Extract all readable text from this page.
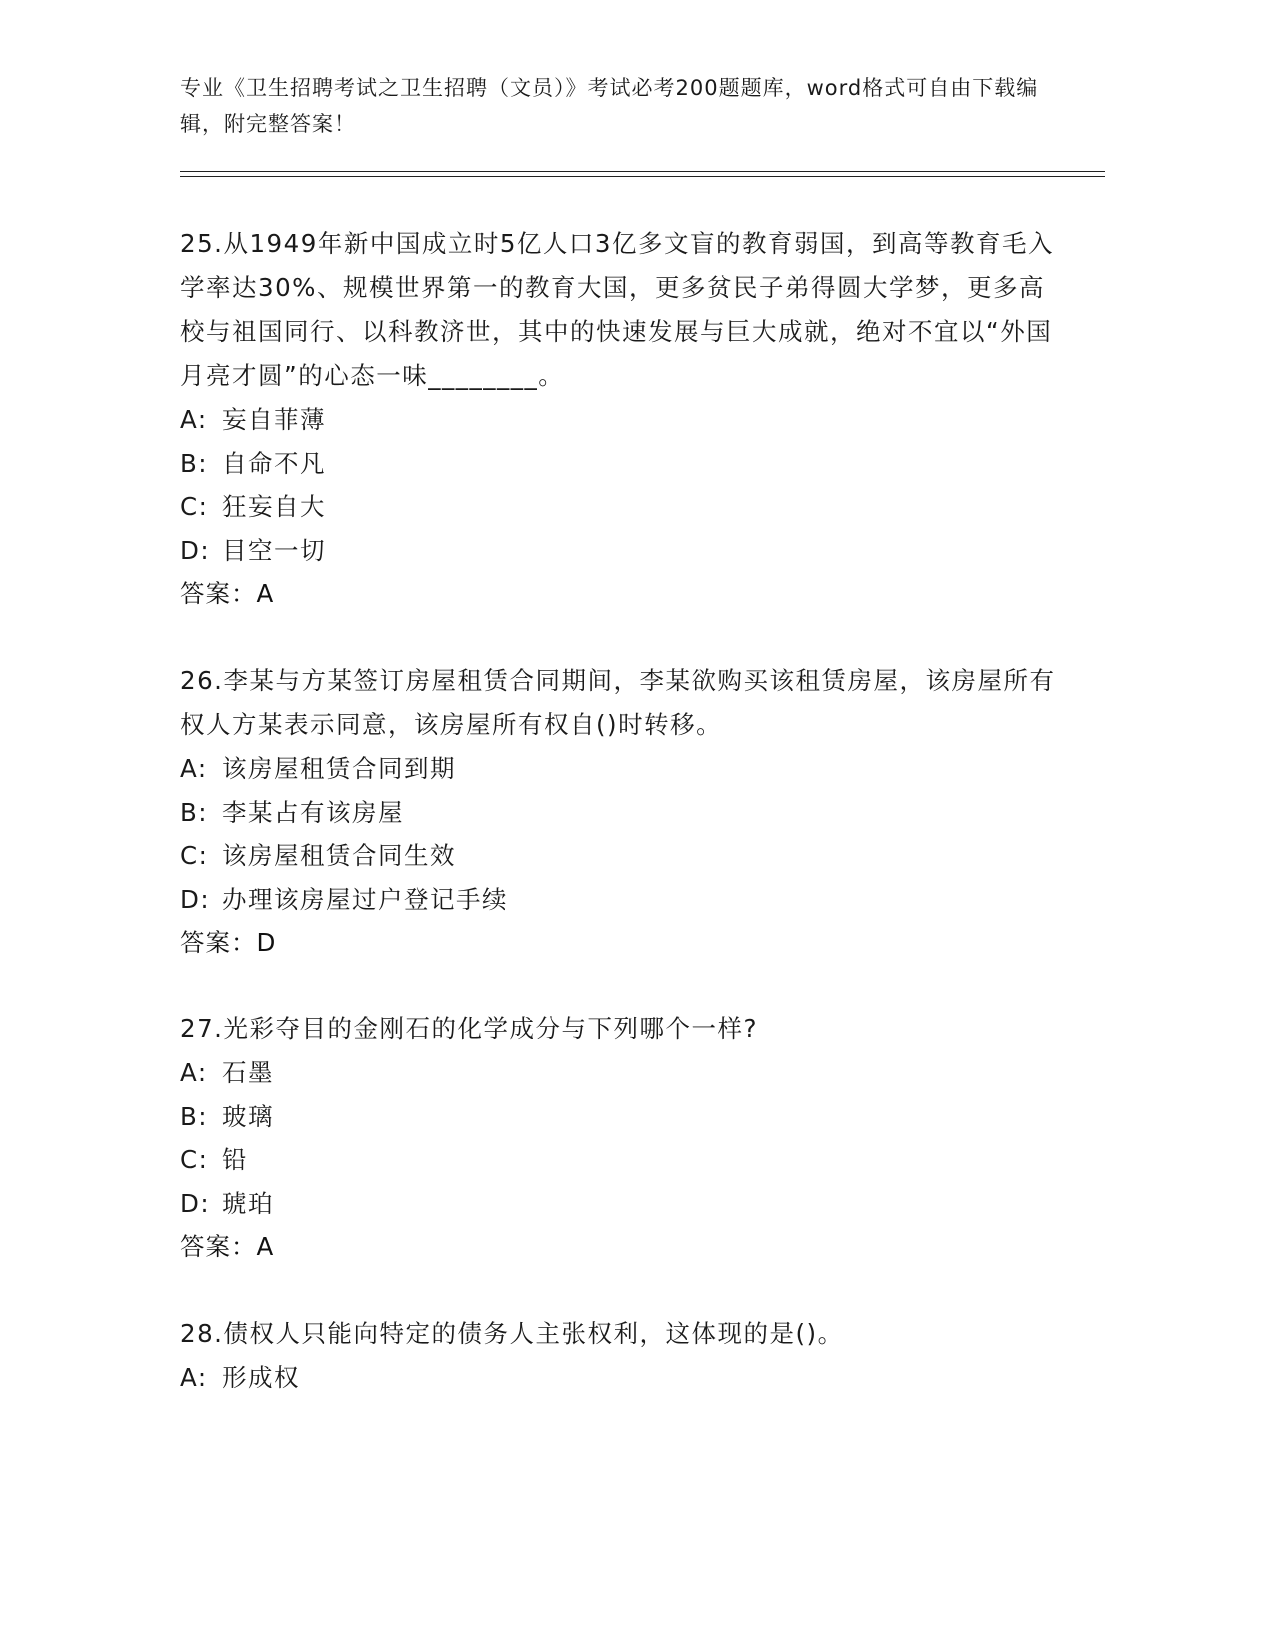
专业《卫生招聘考试之卫生招聘（文员）》考试必考200题题库，word格式可自由下载编辑，附完整答案！

25.从1949年新中国成立时5亿人口3亿多文盲的教育弱国，到高等教育毛入学率达30%、规模世界第一的教育大国，更多贫民子弟得圆大学梦，更多高校与祖国同行、以科教济世，其中的快速发展与巨大成就，绝对不宜以“外国月亮才圆”的心态一味________。

A: 妄自菲薄

B: 自命不凡

C: 狂妄自大

D: 目空一切

答案：A

26.李某与方某签订房屋租赁合同期间，李某欲购买该租赁房屋，该房屋所有权人方某表示同意，该房屋所有权自()时转移。

A: 该房屋租赁合同到期

B: 李某占有该房屋

C: 该房屋租赁合同生效

D: 办理该房屋过户登记手续

答案：D

27.光彩夺目的金刚石的化学成分与下列哪个一样?

A: 石墨

B: 玻璃

C: 铅

D: 琥珀

答案：A

28.债权人只能向特定的债务人主张权利，这体现的是()。

A: 形成权
